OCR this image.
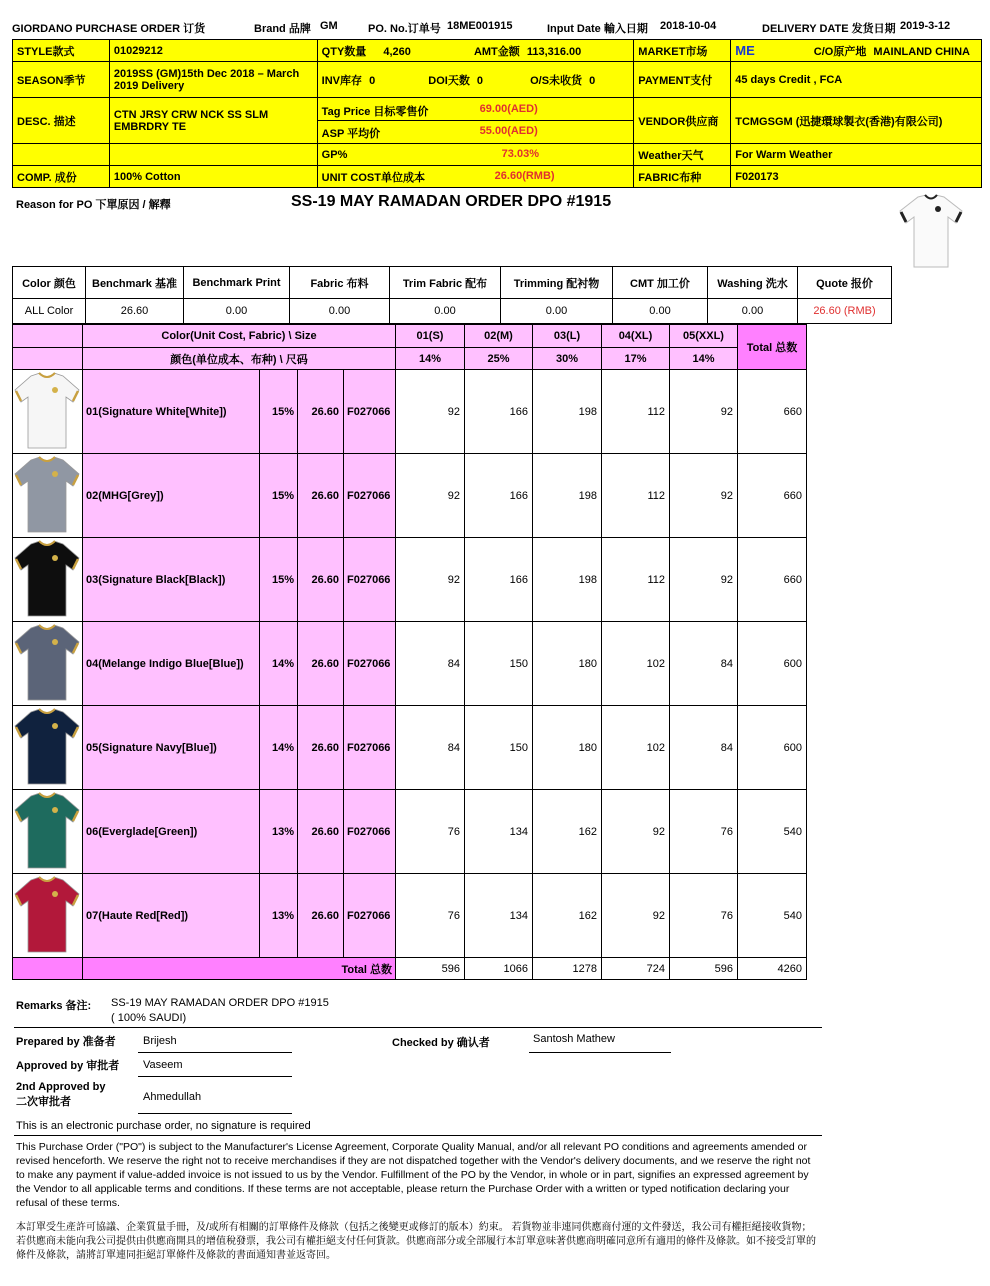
GIORDANO PURCHASE ORDER 订货	Brand 品牌 GM	PO. No.订单号 18ME001915	Input Date 輸入日期 2018-10-04	DELIVERY DATE 发货日期 2019-3-12
STYLE款式	01029212	QTY数量 4,260 AMT金额 113,316.00	MARKET市场	ME C/O原产地 MAINLAND CHINA
SEASON季节	2019SS (GM)15th Dec 2018 – March 2019 Delivery	INV库存 0 DOI天数 0 O/S未收货 0	PAYMENT支付	45 days Credit , FCA
DESC. 描述	CTN JRSY CRW NCK SS SLM EMBRDRY TE	Tag Price 目标零售价 69.00(AED)
ASP 平均价 55.00(AED)	VENDOR供应商	TCMGSGM (迅捷環球製衣(香港)有限公司)
		GP% 73.03%	Weather天气	For Warm Weather
COMP. 成份	100% Cotton	UNIT COST单位成本 26.60(RMB)	FABRIC布种	F020173
Reason for PO 下單原因 / 解釋	SS-19 MAY RAMADAN ORDER DPO #1915
Color 颜色	Benchmark 基准	Benchmark Print	Fabric 布料	Trim Fabric 配布	Trimming 配衬物	CMT 加工价	Washing 洗水	Quote 报价
ALL Color	26.60	0.00	0.00	0.00	0.00	0.00	0.00	26.60 (RMB)
	Color(Unit Cost, Fabric) \ Size				01(S)	02(M)	03(L)	04(XL)	05(XXL)	Total 总数
	颜色(单位成本、布种) \ 尺码				14%	25%	30%	17%	14%	
	01(Signature White[White])	15%	26.60	F027066	92	166	198	112	92	660
	02(MHG[Grey])	15%	26.60	F027066	92	166	198	112	92	660
	03(Signature Black[Black])	15%	26.60	F027066	92	166	198	112	92	660
	04(Melange Indigo Blue[Blue])	14%	26.60	F027066	84	150	180	102	84	600
	05(Signature Navy[Blue])	14%	26.60	F027066	84	150	180	102	84	600
	06(Everglade[Green])	13%	26.60	F027066	76	134	162	92	76	540
	07(Haute Red[Red])	13%	26.60	F027066	76	134	162	92	76	540
	Total 总数				596	1066	1278	724	596	4260
Remarks 备注: SS-19 MAY RAMADAN ORDER DPO #1915
( 100% SAUDI)
Prepared by 准备者 Brijesh	Checked by 确认者	Santosh Mathew
Approved by 审批者 Vaseem
2nd Approved by
二次审批者	Ahmedullah
This is an electronic purchase order, no signature is required
This Purchase Order ("PO") is subject to the Manufacturer's License Agreement, Corporate Quality Manual, and/or all relevant PO conditions and agreements amended or revised henceforth. We reserve the right not to receive merchandises if they are not dispatched together with the Vendor's delivery documents, and we reserve the right not to make any payment if value-added invoice is not issued to us by the Vendor. Fulfillment of the PO by the Vendor, in whole or in part, signifies an expressed agreement by the Vendor to all applicable terms and conditions. If these terms are not acceptable, please return the Purchase Order with a written or typed notification declaring your refusal of these terms.
本訂單受生產許可協議、企業質量手冊，及/或所有相關的訂單條件及條款（包括之後變更或修訂的版本）約束。 若貨物並非連同供應商付運的文件發送，我公司有權拒絕接收貨物；若供應商未能向我公司提供由供應商開具的增值稅發票，我公司有權拒絕支付任何貨款。供應商部分或全部履行本訂單意味著供應商明確同意所有適用的條件及條款。如不接受訂單的條件及條款，請將訂單連同拒絕訂單條件及條款的書面通知書並返寄回。
